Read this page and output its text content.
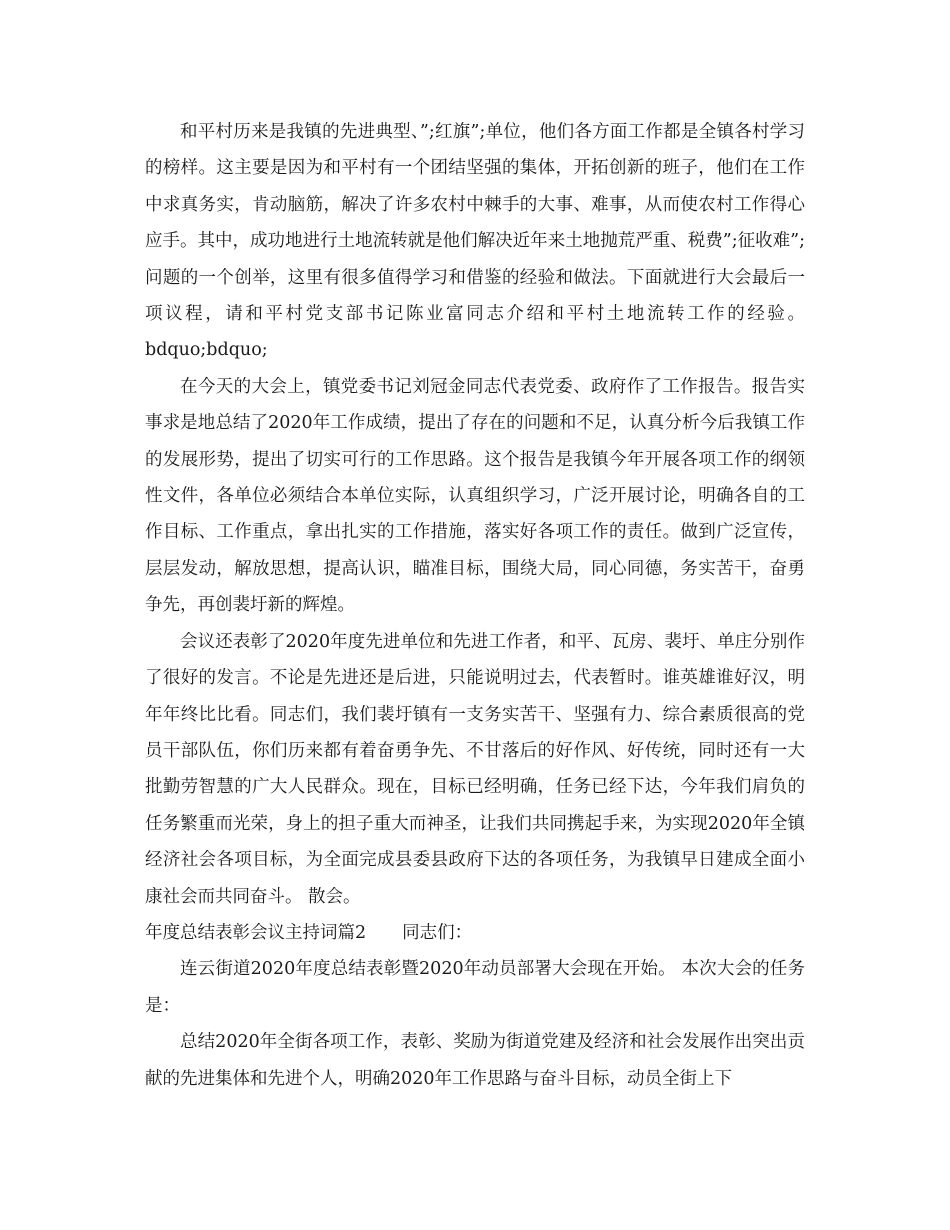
和平村历来是我镇的先进典型、”;红旗”;单位，他们各方面工作都是全镇各村学习的榜样。这主要是因为和平村有一个团结坚强的集体，开拓创新的班子，他们在工作中求真务实，肯动脑筋，解决了许多农村中棘手的大事、难事，从而使农村工作得心应手。其中，成功地进行土地流转就是他们解决近年来土地抛荒严重、税费”;征收难”;问题的一个创举，这里有很多值得学习和借鉴的经验和做法。下面就进行大会最后一项议程，请和平村党支部书记陈业富同志介绍和平村土地流转工作的经验。bdquo;bdquo;

在今天的大会上，镇党委书记刘冠金同志代表党委、政府作了工作报告。报告实事求是地总结了2020年工作成绩，提出了存在的问题和不足，认真分析今后我镇工作的发展形势，提出了切实可行的工作思路。这个报告是我镇今年开展各项工作的纲领性文件，各单位必须结合本单位实际，认真组织学习，广泛开展讨论，明确各自的工作目标、工作重点，拿出扎实的工作措施，落实好各项工作的责任。做到广泛宣传，层层发动，解放思想，提高认识，瞄准目标，围绕大局，同心同德，务实苦干，奋勇争先，再创裴圩新的辉煌。

会议还表彰了2020年度先进单位和先进工作者，和平、瓦房、裴圩、单庄分别作了很好的发言。不论是先进还是后进，只能说明过去，代表暂时。谁英雄谁好汉，明年年终比比看。同志们，我们裴圩镇有一支务实苦干、坚强有力、综合素质很高的党员干部队伍，你们历来都有着奋勇争先、不甘落后的好作风、好传统，同时还有一大批勤劳智慧的广大人民群众。现在，目标已经明确，任务已经下达，今年我们肩负的任务繁重而光荣，身上的担子重大而神圣，让我们共同携起手来，为实现2020年全镇经济社会各项目标，为全面完成县委县政府下达的各项任务，为我镇早日建成全面小康社会而共同奋斗。 散会。

年度总结表彰会议主持词篇2 同志们：

连云街道2020年度总结表彰暨2020年动员部署大会现在开始。 本次大会的任务是：

总结2020年全街各项工作，表彰、奖励为街道党建及经济和社会发展作出突出贡献的先进集体和先进个人，明确2020年工作思路与奋斗目标，动员全街上下
